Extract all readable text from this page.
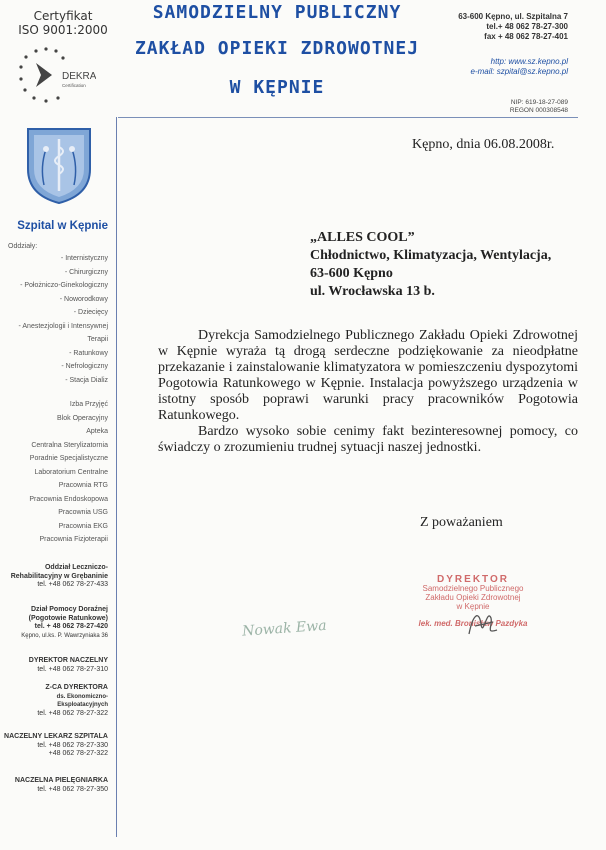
Certyfikat
ISO 9001:2000
DEKRA
Certification
SAMODZIELNY PUBLICZNY
ZAKŁAD OPIEKI ZDROWOTNEJ
W KĘPNIE
63-600 Kępno, ul. Szpitalna 7
tel.+ 48 062 78-27-300
fax + 48 062 78-27-401
http: www.sz.kepno.pl
e-mail: szpital@sz.kepno.pl
NIP: 619-18-27-089
REGON 000308548
Szpital w Kępnie
Oddziały:
- Internistyczny
- Chirurgiczny
- Położniczo-Ginekologiczny
- Noworodkowy
- Dziecięcy
- Anestezjologii i Intensywnej
Terapii
- Ratunkowy
- Nefrologiczny
- Stacja Dializ
Izba Przyjęć
Blok Operacyjny
Apteka
Centralna Sterylizatornia
Poradnie Specjalistyczne
Laboratorium Centralne
Pracownia RTG
Pracownia Endoskopowa
Pracownia USG
Pracownia EKG
Pracownia Fizjoterapii
Oddział Leczniczo-Rehabilitacyjny w Grębaninie
tel. +48 062 78-27-433
Dział Pomocy Doraźnej (Pogotowie Ratunkowe)
tel. + 48 062 78-27-420
Kępno, ul.ks. P. Wawrzyniaka 36
DYREKTOR NACZELNY
tel. +48 062 78-27-310
Z-CA DYREKTORA
ds. Ekonomiczno-Eksploatacyjnych
tel. +48 062 78-27-322
NACZELNY LEKARZ SZPITALA
tel. +48 062 78-27-330
+48 062 78-27-322
NACZELNA PIELĘGNIARKA
tel. +48 062 78-27-350
Kępno, dnia 06.08.2008r.
„ALLES COOL”
Chłodnictwo, Klimatyzacja, Wentylacja,
63-600 Kępno
ul. Wrocławska 13 b.

Dyrekcja Samodzielnego Publicznego Zakładu Opieki Zdrowotnej w Kępnie wyraża tą drogą serdeczne podziękowanie za nieodpłatne przekazanie i zainstalowanie klimatyzatora w pomieszczeniu dyspozytomi Pogotowia Ratunkowego w Kępnie. Instalacja powyższego urządzenia w istotny sposób poprawi warunki pracy pracowników Pogotowia Ratunkowego.

Bardzo wysoko sobie cenimy fakt bezinteresownej pomocy, co świadczy o zrozumieniu trudnej sytuacji naszej jednostki.

Z poważaniem
DYREKTOR
Samodzielnego Publicznego
Zakładu Opieki Zdrowotnej
w Kępnie
lek. med. Bronisław Pazdyka
Nowak Ewa
